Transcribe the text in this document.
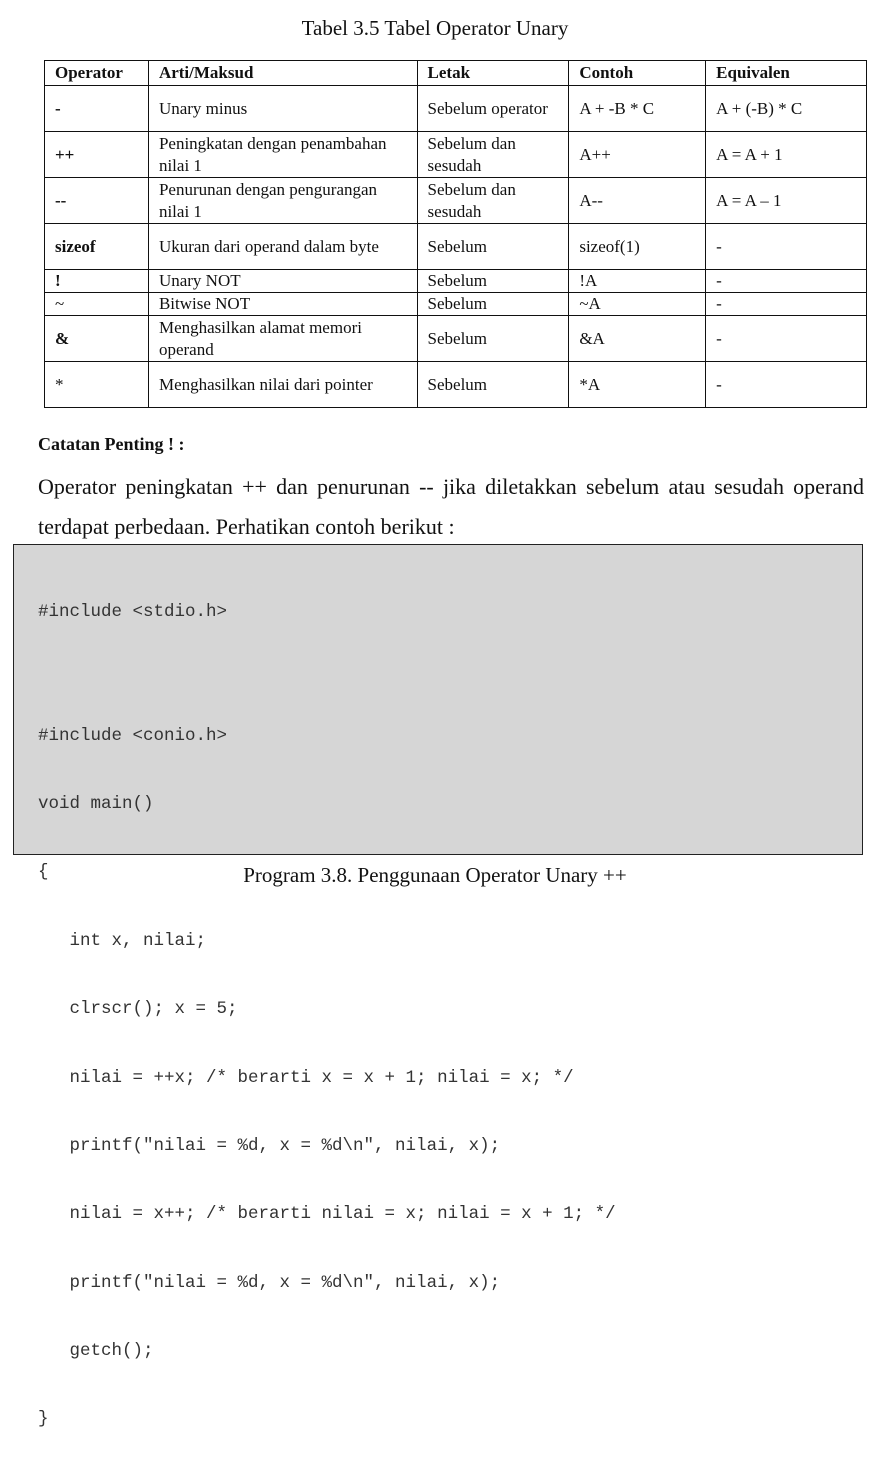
Tabel 3.5 Tabel Operator Unary
Operator	Arti/Maksud	Letak	Contoh	Equivalen
-	Unary minus	Sebelum operator	A + -B * C	A + (-B) * C
++	Peningkatan dengan penambahan nilai 1	Sebelum dan sesudah	A++	A = A + 1
--	Penurunan dengan pengurangan nilai 1	Sebelum dan sesudah	A--	A = A – 1
sizeof	Ukuran dari operand dalam byte	Sebelum	sizeof(1)	-
!	Unary NOT	Sebelum	!A	-
~	Bitwise NOT	Sebelum	~A	-
&	Menghasilkan alamat memori operand	Sebelum	&A	-
*	Menghasilkan nilai dari pointer	Sebelum	*A	-
Catatan Penting ! :
Operator peningkatan ++ dan penurunan -- jika diletakkan sebelum atau sesudah operand terdapat perbedaan. Perhatikan contoh berikut :

#include <stdio.h>

#include <conio.h>

void main()

{

int x, nilai;

clrscr(); x = 5;

nilai = ++x; /* berarti x = x + 1; nilai = x; */

printf("nilai = %d, x = %d\n", nilai, x);

nilai = x++; /* berarti nilai = x; nilai = x + 1; */

printf("nilai = %d, x = %d\n", nilai, x);

getch();

}

Program 3.8. Penggunaan Operator Unary ++
